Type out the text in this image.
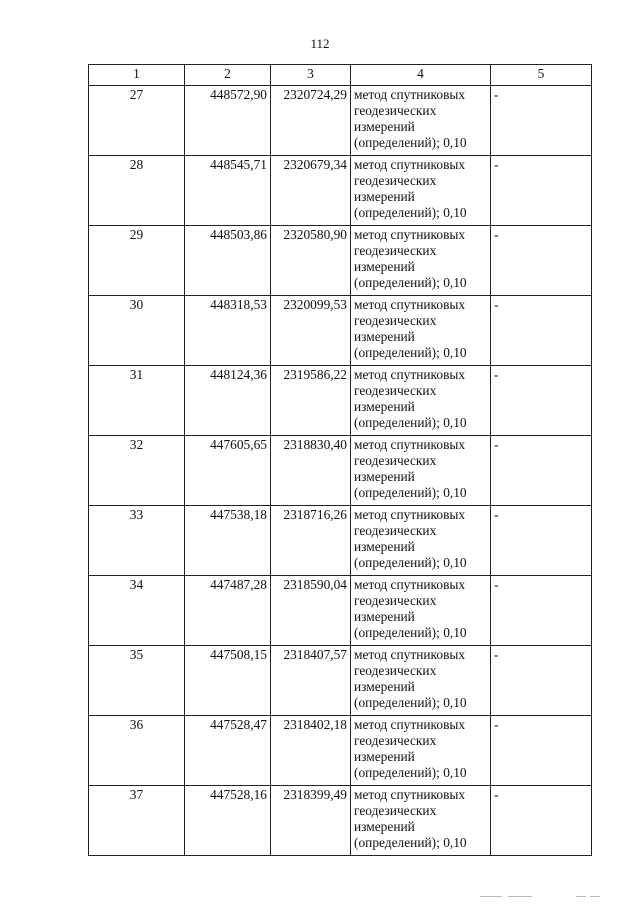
112
1	2	3	4	5
27	448572,90	2320724,29	метод спутниковых геодезических измерений (определений); 0,10	-
28	448545,71	2320679,34	метод спутниковых геодезических измерений (определений); 0,10	-
29	448503,86	2320580,90	метод спутниковых геодезических измерений (определений); 0,10	-
30	448318,53	2320099,53	метод спутниковых геодезических измерений (определений); 0,10	-
31	448124,36	2319586,22	метод спутниковых геодезических измерений (определений); 0,10	-
32	447605,65	2318830,40	метод спутниковых геодезических измерений (определений); 0,10	-
33	447538,18	2318716,26	метод спутниковых геодезических измерений (определений); 0,10	-
34	447487,28	2318590,04	метод спутниковых геодезических измерений (определений); 0,10	-
35	447508,15	2318407,57	метод спутниковых геодезических измерений (определений); 0,10	-
36	447528,47	2318402,18	метод спутниковых геодезических измерений (определений); 0,10	-
37	447528,16	2318399,49	метод спутниковых геодезических измерений (определений); 0,10	-
